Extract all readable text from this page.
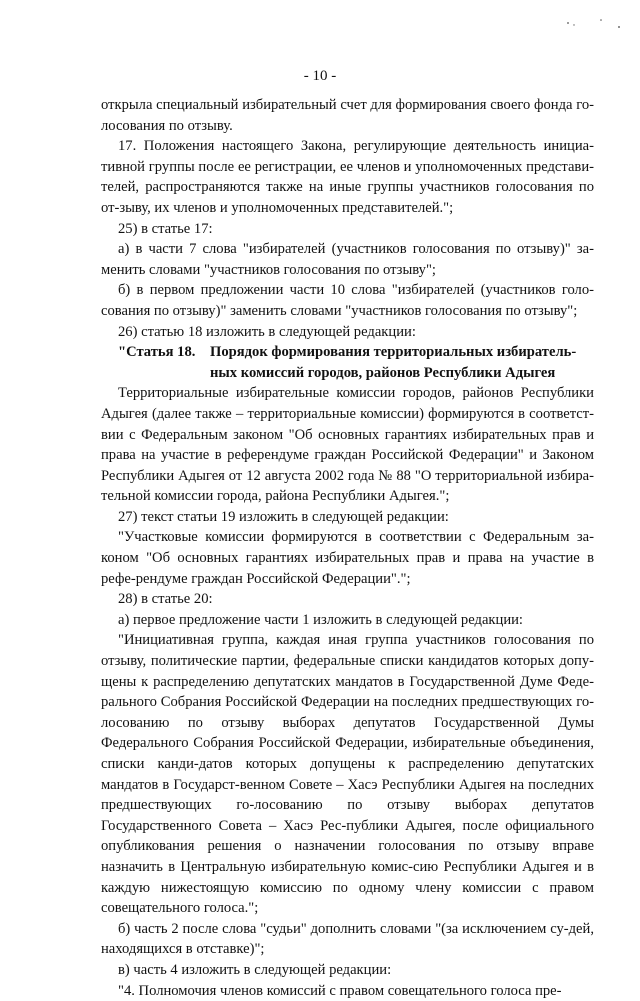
- 10 -

открыла специальный избирательный счет для формирования своего фонда го-лосования по отзыву.

17. Положения настоящего Закона, регулирующие деятельность инициа-тивной группы после ее регистрации, ее членов и уполномоченных представи-телей, распространяются также на иные группы участников голосования по от-зыву, их членов и уполномоченных представителей.";

25) в статье 17:

а) в части 7 слова "избирателей (участников голосования по отзыву)" за-менить словами "участников голосования по отзыву";

б) в первом предложении части 10 слова "избирателей (участников голо-сования по отзыву)" заменить словами "участников голосования по отзыву";

26) статью 18 изложить в следующей редакции:

"Статья 18.	Порядок формирования территориальных избиратель-
ных комиссий городов, районов Республики Адыгея

Территориальные избирательные комиссии городов, районов Республики Адыгея (далее также – территориальные комиссии) формируются в соответст-вии с Федеральным законом "Об основных гарантиях избирательных прав и права на участие в референдуме граждан Российской Федерации" и Законом Республики Адыгея от 12 августа 2002 года № 88 "О территориальной избира-тельной комиссии города, района Республики Адыгея.";

27) текст статьи 19 изложить в следующей редакции:

"Участковые комиссии формируются в соответствии с Федеральным за-коном "Об основных гарантиях избирательных прав и права на участие в рефе-рендуме граждан Российской Федерации".";

28) в статье 20:

а) первое предложение части 1 изложить в следующей редакции:

"Инициативная группа, каждая иная группа участников голосования по отзыву, политические партии, федеральные списки кандидатов которых допу-щены к распределению депутатских мандатов в Государственной Думе Феде-рального Собрания Российской Федерации на последних предшествующих го-лосованию по отзыву выборах депутатов Государственной Думы Федерального Собрания Российской Федерации, избирательные объединения, списки канди-датов которых допущены к распределению депутатских мандатов в Государст-венном Совете – Хасэ Республики Адыгея на последних предшествующих го-лосованию по отзыву выборах депутатов Государственного Совета – Хасэ Рес-публики Адыгея, после официального опубликования решения о назначении голосования по отзыву вправе назначить в Центральную избирательную комис-сию Республики Адыгея и в каждую нижестоящую комиссию по одному члену комиссии с правом совещательного голоса.";

б) часть 2 после слова "судьи" дополнить словами "(за исключением су-дей, находящихся в отставке)";

в) часть 4 изложить в следующей редакции:

"4. Полномочия членов комиссий с правом совещательного голоса пре-
